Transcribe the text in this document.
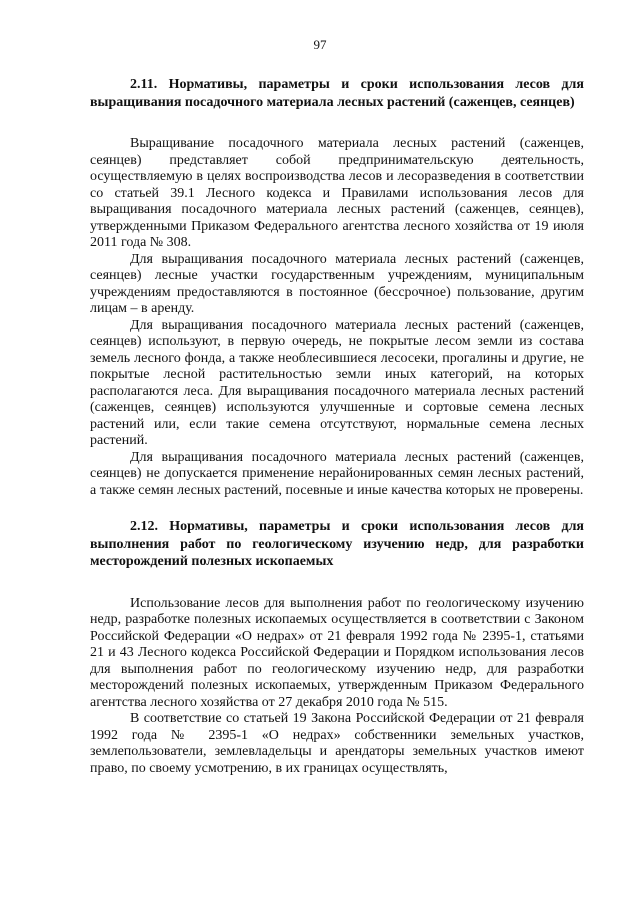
97

2.11. Нормативы, параметры и сроки использования лесов для выращивания посадочного материала лесных растений (саженцев, сеянцев)

Выращивание посадочного материала лесных растений (саженцев, сеянцев) представляет собой предпринимательскую деятельность, осуществляемую в целях воспроизводства лесов и лесоразведения в соответствии со статьей 39.1 Лесного кодекса и Правилами использования лесов для выращивания посадочного материала лесных растений (саженцев, сеянцев), утвержденными Приказом Федерального агентства лесного хозяйства от 19 июля 2011 года № 308.

Для выращивания посадочного материала лесных растений (саженцев, сеянцев) лесные участки государственным учреждениям, муниципальным учреждениям предоставляются в постоянное (бессрочное) пользование, другим лицам – в аренду.

Для выращивания посадочного материала лесных растений (саженцев, сеянцев) используют, в первую очередь, не покрытые лесом земли из состава земель лесного фонда, а также необлесившиеся лесосеки, прогалины и другие, не покрытые лесной растительностью земли иных категорий, на которых располагаются леса. Для выращивания посадочного материала лесных растений (саженцев, сеянцев) используются улучшенные и сортовые семена лесных растений или, если такие семена отсутствуют, нормальные семена лесных растений.

Для выращивания посадочного материала лесных растений (саженцев, сеянцев) не допускается применение нерайонированных семян лесных растений, а также семян лесных растений, посевные и иные качества которых не проверены.

2.12. Нормативы, параметры и сроки использования лесов для выполнения работ по геологическому изучению недр, для разработки месторождений полезных ископаемых

Использование лесов для выполнения работ по геологическому изучению недр, разработке полезных ископаемых осуществляется в соответствии с Законом Российской Федерации «О недрах» от 21 февраля 1992 года № 2395-1, статьями 21 и 43 Лесного кодекса Российской Федерации и Порядком использования лесов для выполнения работ по геологическому изучению недр, для разработки месторождений полезных ископаемых, утвержденным Приказом Федерального агентства лесного хозяйства от 27 декабря 2010 года № 515.

В соответствие со статьей 19 Закона Российской Федерации от 21 февраля 1992 года № 2395-1 «О недрах» собственники земельных участков, землепользователи, землевладельцы и арендаторы земельных участков имеют право, по своему усмотрению, в их границах осуществлять,
